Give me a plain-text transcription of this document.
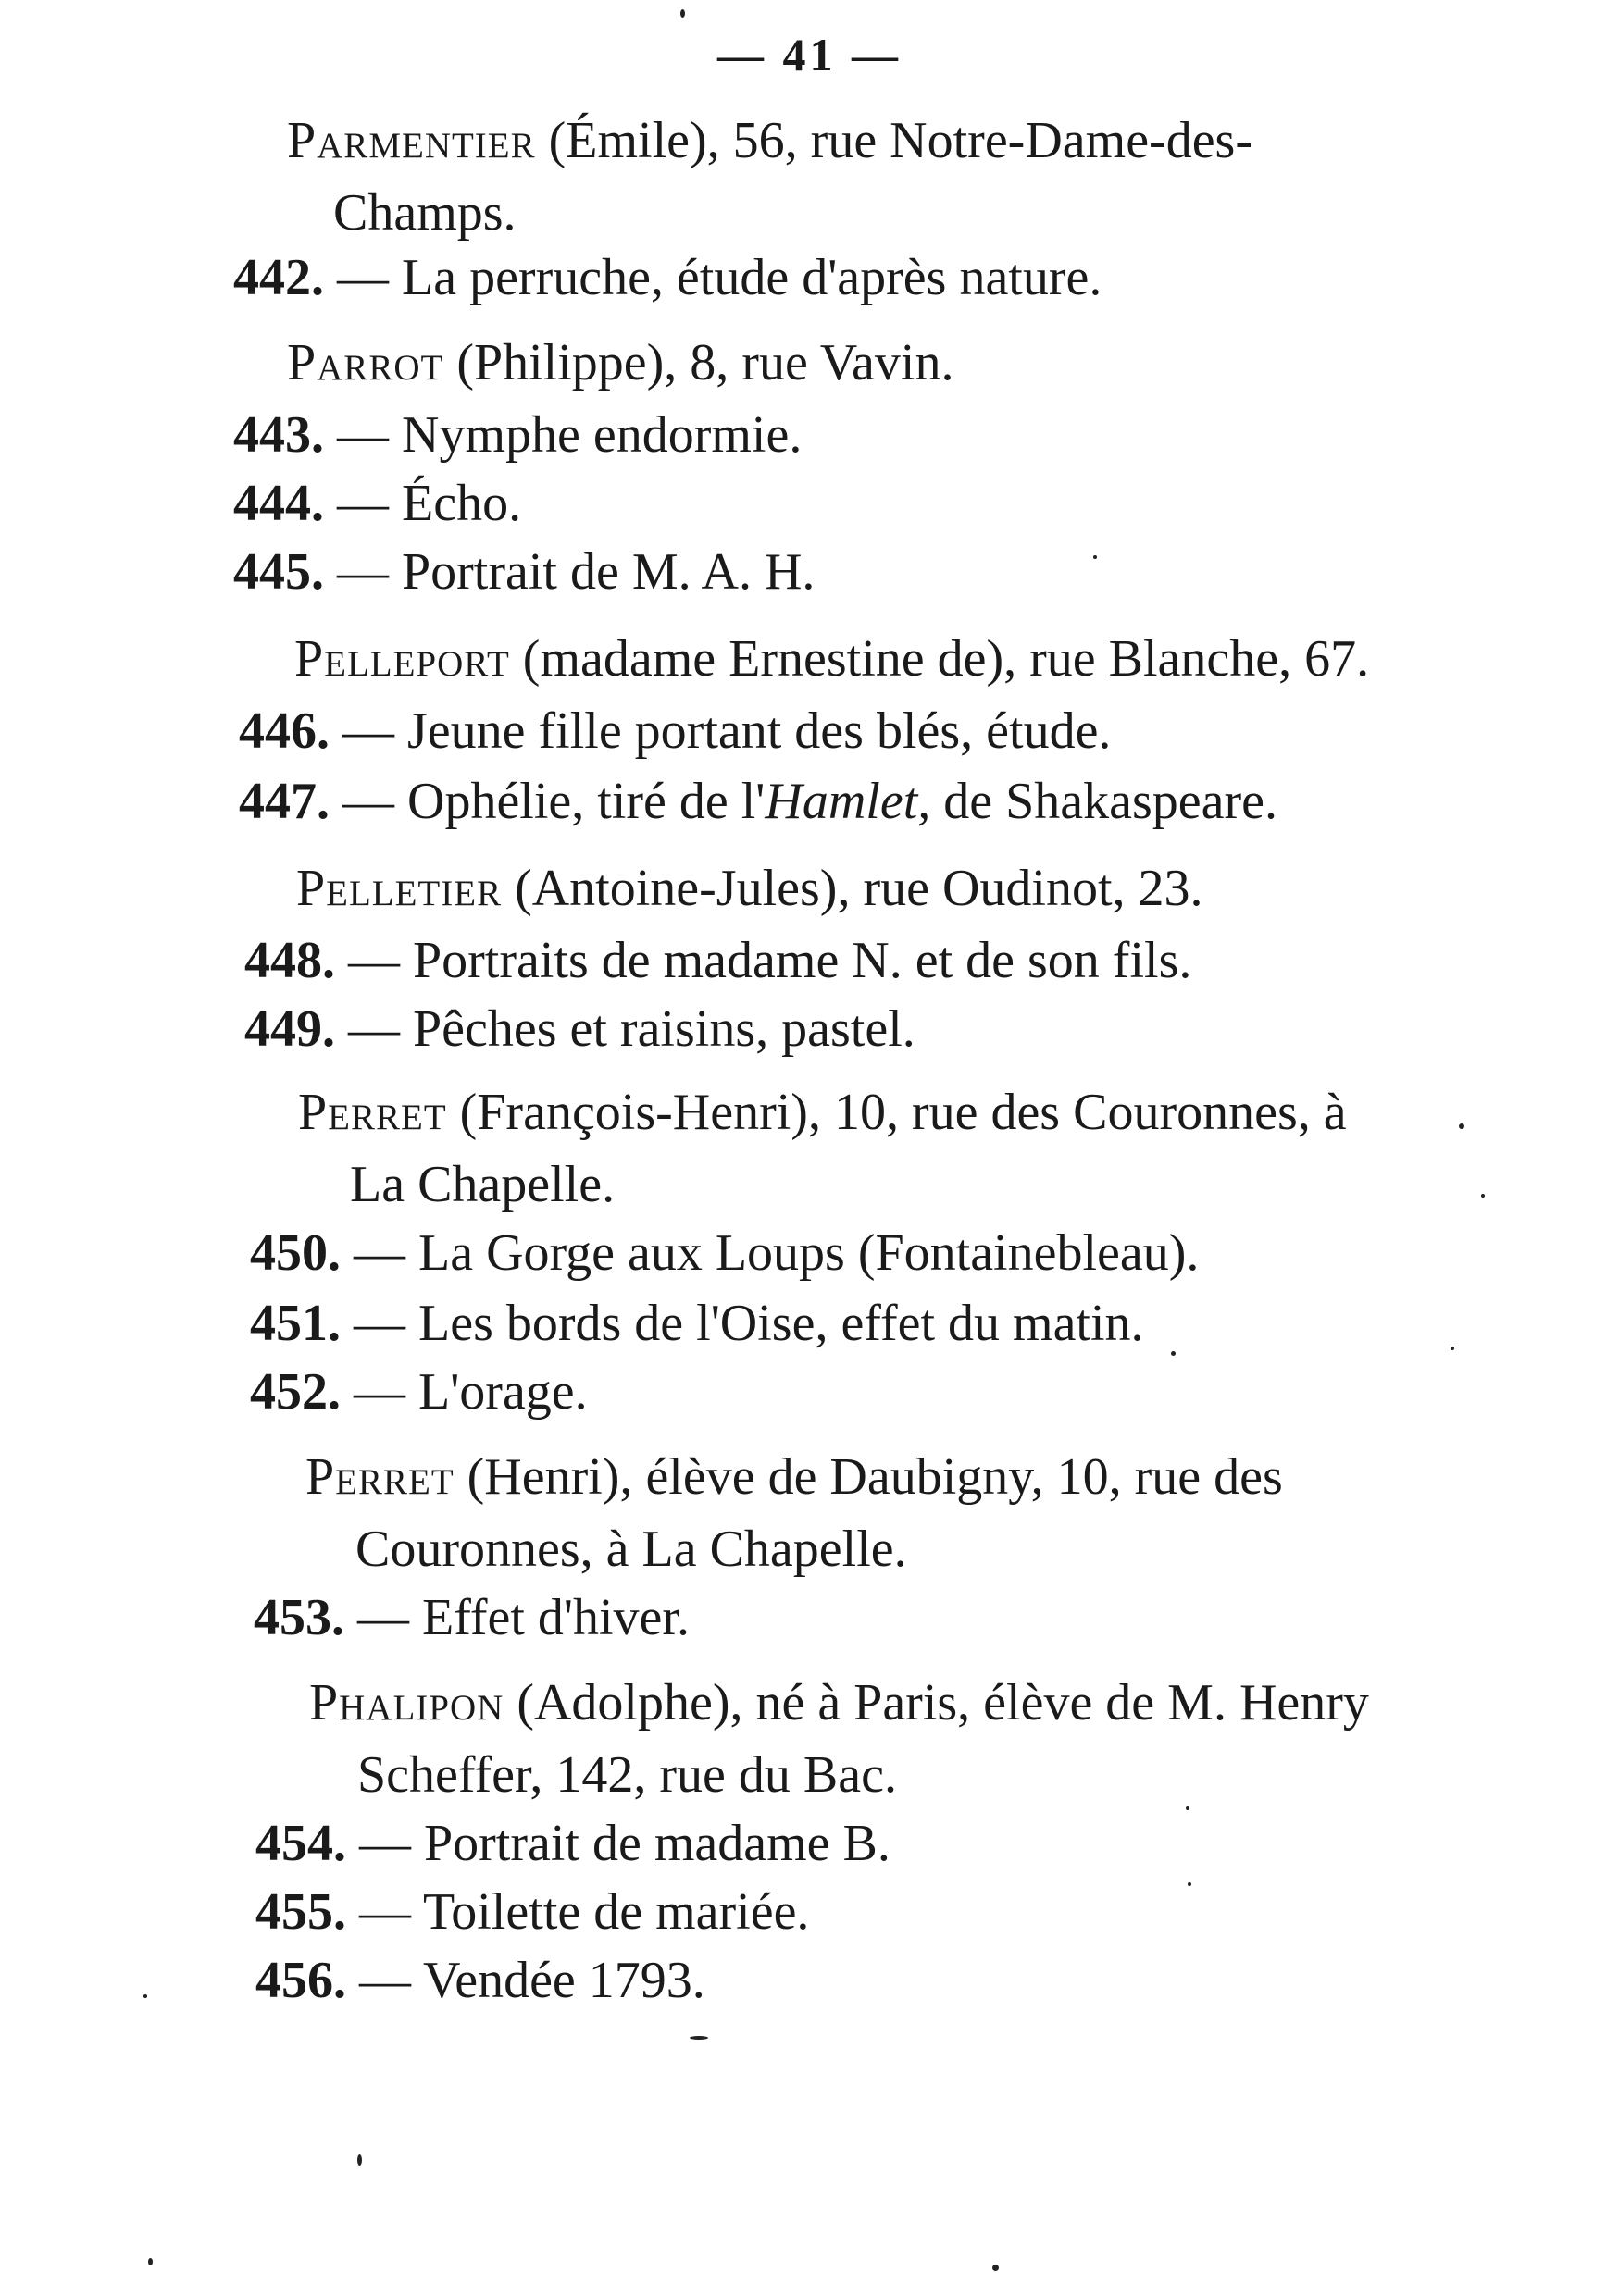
— 41 —
Parmentier (Émile), 56, rue Notre-Dame-des-
Champs.
442. — La perruche, étude d'après nature.
Parrot (Philippe), 8, rue Vavin.
443. — Nymphe endormie.
444. — Écho.
445. — Portrait de M. A. H.
Pelleport (madame Ernestine de), rue Blanche, 67.
446. — Jeune fille portant des blés, étude.
447. — Ophélie, tiré de l'Hamlet, de Shakaspeare.
Pelletier (Antoine-Jules), rue Oudinot, 23.
448. — Portraits de madame N. et de son fils.
449. — Pêches et raisins, pastel.
Perret (François-Henri), 10, rue des Couronnes, à
La Chapelle.
450. — La Gorge aux Loups (Fontainebleau).
451. — Les bords de l'Oise, effet du matin.
452. — L'orage.
Perret (Henri), élève de Daubigny, 10, rue des
Couronnes, à La Chapelle.
453. — Effet d'hiver.
Phalipon (Adolphe), né à Paris, élève de M. Henry
Scheffer, 142, rue du Bac.
454. — Portrait de madame B.
455. — Toilette de mariée.
456. — Vendée 1793.
